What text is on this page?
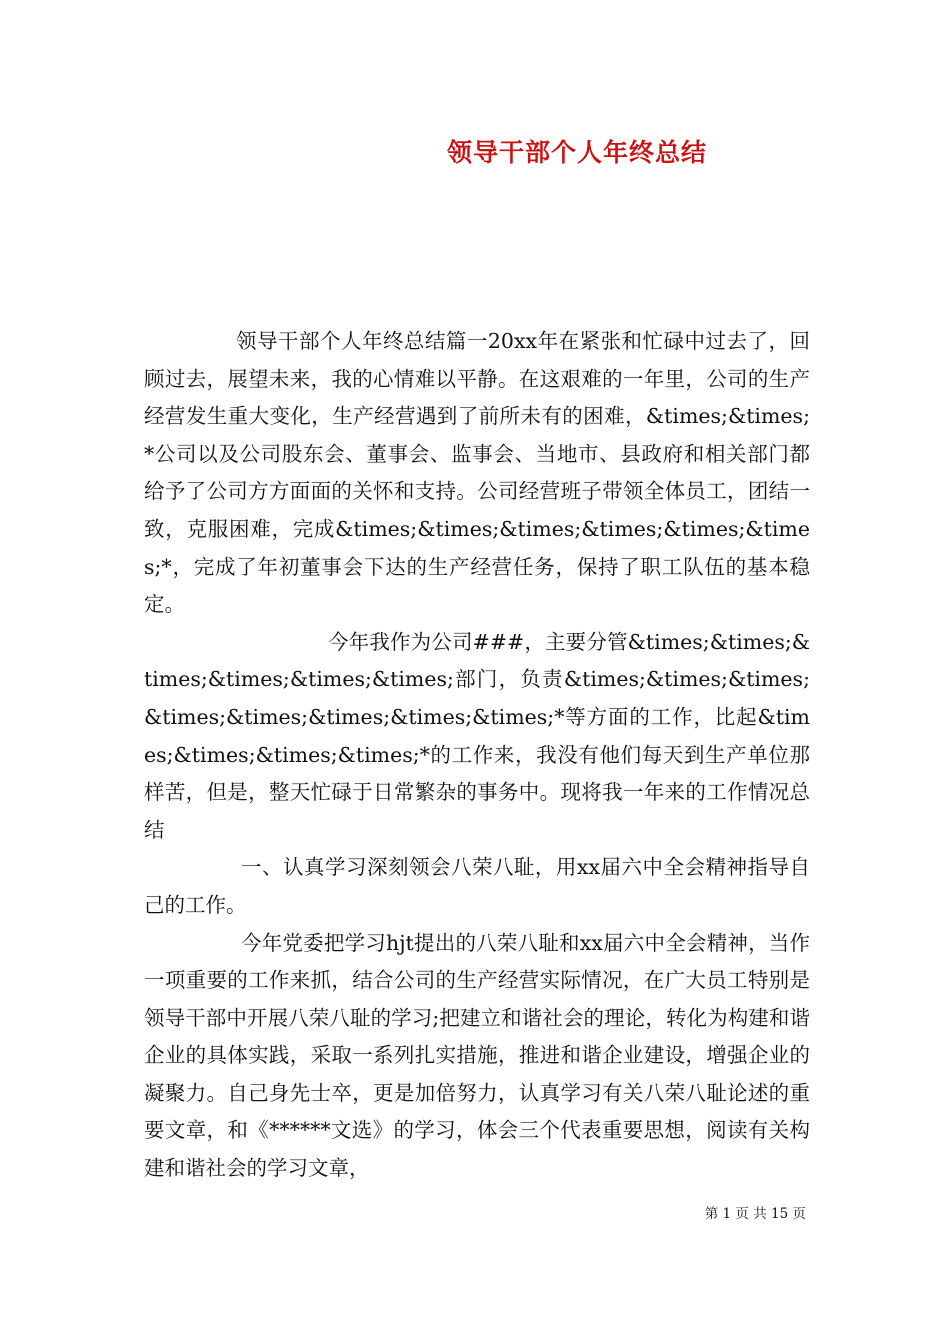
领导干部个人年终总结

领导干部个人年终总结篇一20xx年在紧张和忙碌中过去了，回顾过去，展望未来，我的心情难以平静。在这艰难的一年里，公司的生产经营发生重大变化，生产经营遇到了前所未有的困难，&times;&times;*公司以及公司股东会、董事会、监事会、当地市、县政府和相关部门都给予了公司方方面面的关怀和支持。公司经营班子带领全体员工，团结一致，克服困难，完成&times;&times;&times;&times;&times;&times;*，完成了年初董事会下达的生产经营任务，保持了职工队伍的基本稳定。

今年我作为公司###，主要分管&times;&times;&times;&times;&times;&times;部门，负责&times;&times;&times;&times;&times;&times;&times;&times;*等方面的工作，比起&times;&times;&times;&times;*的工作来，我没有他们每天到生产单位那样苦，但是，整天忙碌于日常繁杂的事务中。现将我一年来的工作情况总结

一、认真学习深刻领会八荣八耻，用xx届六中全会精神指导自己的工作。

今年党委把学习hjt提出的八荣八耻和xx届六中全会精神，当作一项重要的工作来抓，结合公司的生产经营实际情况，在广大员工特别是领导干部中开展八荣八耻的学习;把建立和谐社会的理论，转化为构建和谐企业的具体实践，采取一系列扎实措施，推进和谐企业建设，增强企业的凝聚力。自己身先士卒，更是加倍努力，认真学习有关八荣八耻论述的重要文章，和《******文选》的学习，体会三个代表重要思想，阅读有关构建和谐社会的学习文章，

第 1 页 共 15 页
